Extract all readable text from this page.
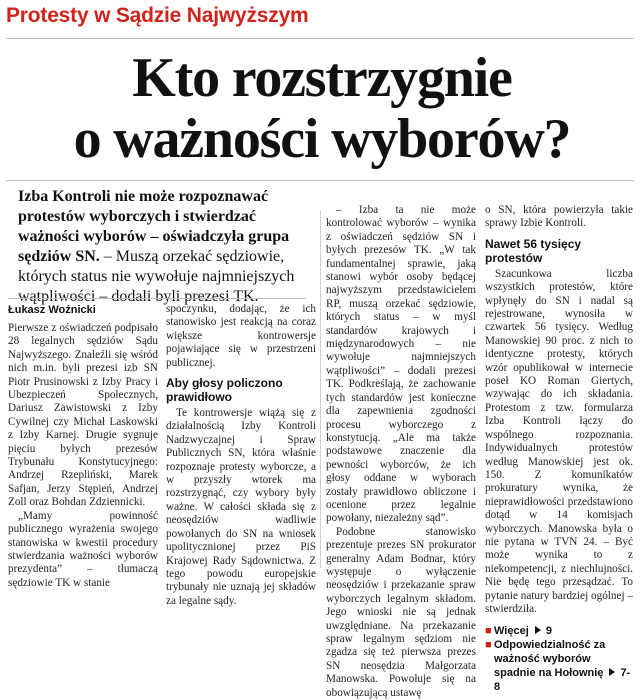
Protesty w Sądzie Najwyższym
Kto rozstrzygnie
o ważności wyborów?
Izba Kontroli nie może rozpoznawać protestów wyborczych i stwierdzać ważności wyborów – oświadczyła grupa sędziów SN. – Muszą orzekać sędziowie, których status nie wywołuje najmniejszych wątpliwości – dodali byli prezesi TK.
Łukasz Woźnicki

Pierwsze z oświadczeń podpisało 28 legalnych sędziów Sądu Najwyższego. Znaleźli się wśród nich m.in. byli prezesi izb SN Piotr Prusinowski z Izby Pracy i Ubezpieczeń Społecznych, Dariusz Zawistowski z Izby Cywilnej czy Michał Laskowski z Izby Karnej. Drugie sygnuje pięciu byłych prezesów Trybunału Konstytucyjnego: Andrzej Rzepliński, Marek Safjan, Jerzy Stępień, Andrzej Zoll oraz Bohdan Zdziennicki.

„Mamy powinność publicznego wyrażenia swojego stanowiska w kwestii procedury stwierdzania ważności wyborów prezydenta” – tłumaczą sędziowie TK w stanie

spoczynku, dodając, że ich stanowisko jest reakcją na coraz większe kontrowersje pojawiające się w przestrzeni publicznej.

Aby głosy policzono prawidłowo

Te kontrowersje wiążą się z działalnością Izby Kontroli Nadzwyczajnej i Spraw Publicznych SN, która właśnie rozpoznaje protesty wyborcze, a w przyszły wtorek ma rozstrzygnąć, czy wybory były ważne. W całości składa się z neosędziów wadliwie powołanych do SN na wniosek upolitycznionej przez PiS Krajowej Rady Sądownictwa. Z tego powodu europejskie trybunały nie uznają jej składów za legalne sądy.

– Izba ta nie może kontrolować wyborów – wynika z oświadczeń sędziów SN i byłych prezesów TK. „W tak fundamentalnej sprawie, jaką stanowi wybór osoby będącej najwyższym przedstawicielem RP, muszą orzekać sędziowie, których status – w myśl standardów krajowych i międzynarodowych – nie wywołuje najmniejszych wątpliwości” – dodali prezesi TK. Podkreślają, że zachowanie tych standardów jest konieczne dla zapewnienia zgodności procesu wyborczego z konstytucją. „Ale ma także podstawowe znaczenie dla pewności wyborców, że ich głosy oddane w wyborach zostały prawidłowo obliczone i ocenione przez legalnie powołany, niezależny sąd”.

Podobne stanowisko prezentuje prezes SN prokurator generalny Adam Bodnar, który występuje o wyłączenie neosędziów i przekazanie spraw wyborczych legalnym składom. Jego wnioski nie są jednak uwzględniane. Na przekazanie spraw legalnym sędziom nie zgadza się też pierwsza prezes SN neosędzia Małgorzata Manowska. Powołuje się na obowiązującą ustawę

o SN, która powierzyła takie sprawy Izbie Kontroli.

Nawet 56 tysięcy protestów

Szacunkowa liczba wszystkich protestów, które wpłynęły do SN i nadal są rejestrowane, wynosiła w czwartek 56 tysięcy. Według Manowskiej 90 proc. z nich to identyczne protesty, których wzór opublikował w internecie poseł KO Roman Giertych, wzywając do ich składania. Protestom z tzw. formularza Izba Kontroli łączy do wspólnego rozpoznania. Indywidualnych protestów według Manowskiej jest ok. 150. Z komunikatów prokuratury wynika, że nieprawidłowości przedstawiono dotąd w 14 komisjach wyborczych. Manowska była o nie pytana w TVN 24. – Być może wynika to z niekompetencji, z niechlujności. Nie będę tego przesądzać. To pytanie natury bardziej ogólnej – stwierdziła.

■ Więcej 9
■ Odpowiedzialność za ważność wyborów spadnie na Hołownię 7-8
